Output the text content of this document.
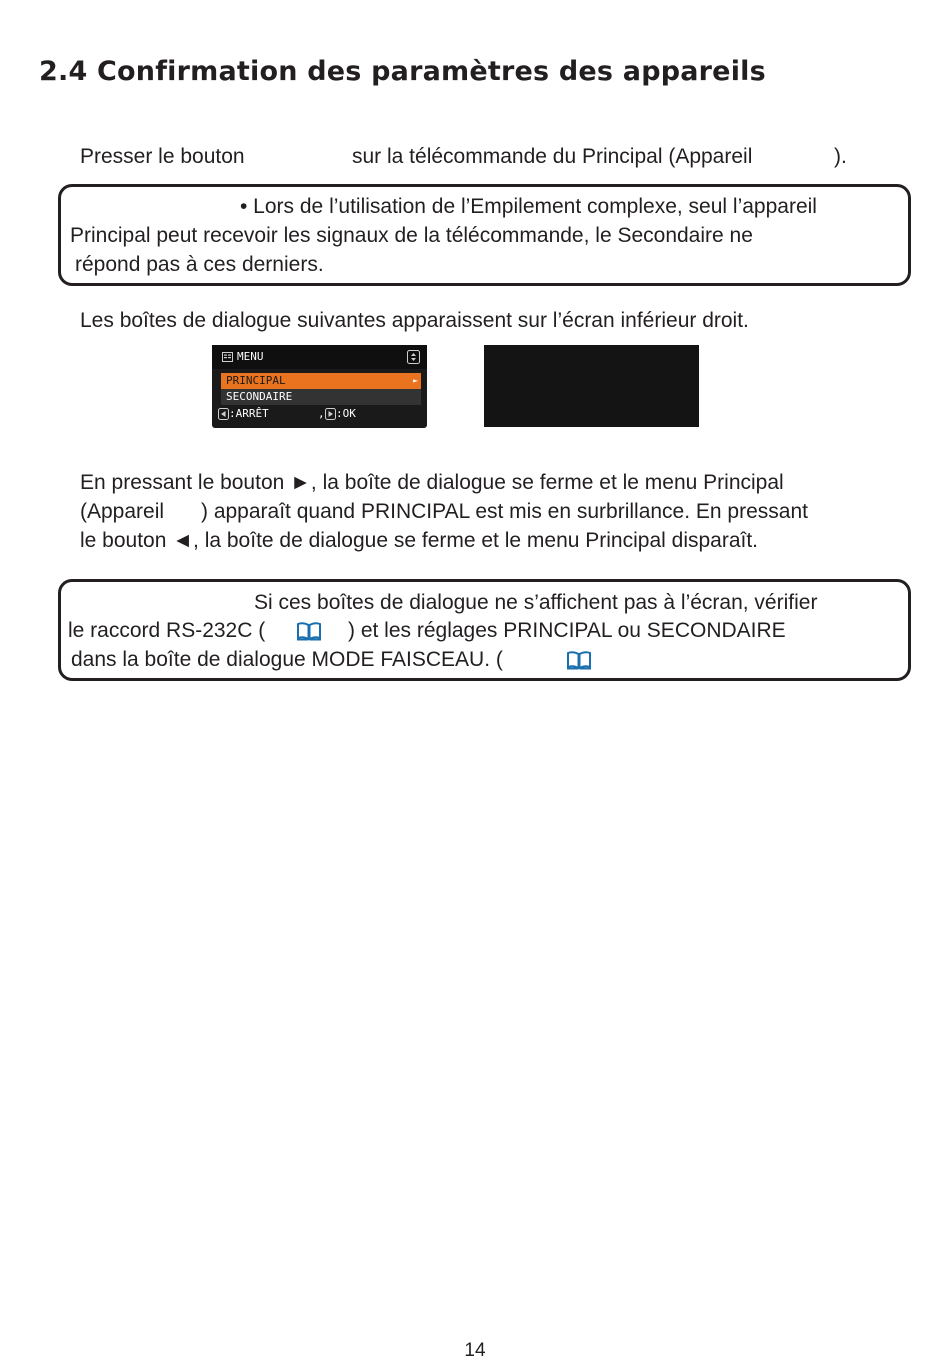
2.4 Confirmation des paramètres des appareils
Presser le bouton	sur la télécommande du Principal (Appareil	).
• Lors de l’utilisation de l’Empilement complexe, seul l’appareil
Principal peut recevoir les signaux de la télécommande, le Secondaire ne
répond pas à ces derniers.
Les boîtes de dialogue suivantes apparaissent sur l’écran inférieur droit.
MENU
PRINCIPAL	►
SECONDAIRE
:ARRÊT	, :OK
En pressant le bouton ►, la boîte de dialogue se ferme et le menu Principal
(Appareil ) apparaît quand PRINCIPAL est mis en surbrillance. En pressant
le bouton ◄, la boîte de dialogue se ferme et le menu Principal disparaît.
Si ces boîtes de dialogue ne s’affichent pas à l’écran, vérifier
le raccord RS-232C (	) et les réglages PRINCIPAL ou SECONDAIRE
dans la boîte de dialogue MODE FAISCEAU. (
14
